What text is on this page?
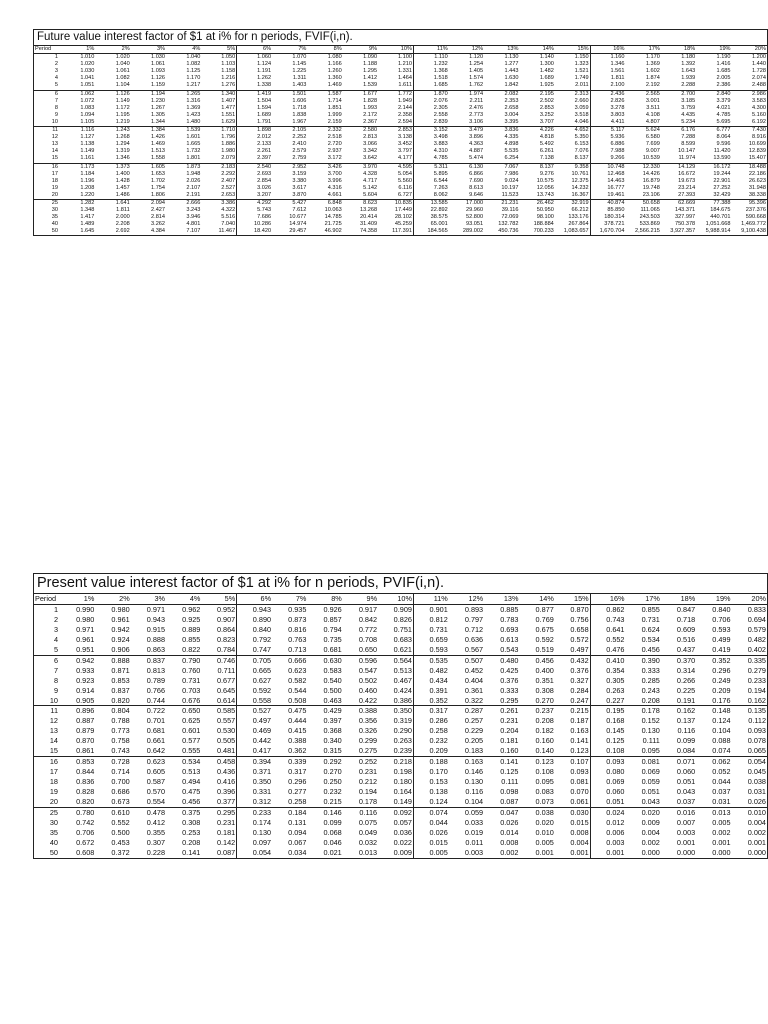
Future value interest factor of $1 at i% for n periods, FVIF(i,n).
Period	1%	2%	3%	4%	5%	6%	7%	8%	9%	10%	11%	12%	13%	14%	15%	16%	17%	18%	19%	20%
1	1.010	1.020	1.030	1.040	1.050	1.060	1.070	1.080	1.090	1.100	1.110	1.120	1.130	1.140	1.150	1.160	1.170	1.180	1.190	1.200
2	1.020	1.040	1.061	1.082	1.103	1.124	1.145	1.166	1.188	1.210	1.232	1.254	1.277	1.300	1.323	1.346	1.369	1.392	1.416	1.440
3	1.030	1.061	1.093	1.125	1.158	1.191	1.225	1.260	1.295	1.331	1.368	1.405	1.443	1.482	1.521	1.561	1.602	1.643	1.685	1.728
4	1.041	1.082	1.126	1.170	1.216	1.262	1.311	1.360	1.412	1.464	1.518	1.574	1.630	1.689	1.749	1.811	1.874	1.939	2.005	2.074
5	1.051	1.104	1.159	1.217	1.276	1.338	1.403	1.469	1.539	1.611	1.685	1.762	1.842	1.925	2.011	2.100	2.192	2.288	2.386	2.488
6	1.062	1.126	1.194	1.265	1.340	1.419	1.501	1.587	1.677	1.772	1.870	1.974	2.082	2.195	2.313	2.436	2.565	2.700	2.840	2.986
7	1.072	1.149	1.230	1.316	1.407	1.504	1.606	1.714	1.828	1.949	2.076	2.211	2.353	2.502	2.660	2.826	3.001	3.185	3.379	3.583
8	1.083	1.172	1.267	1.369	1.477	1.594	1.718	1.851	1.993	2.144	2.305	2.476	2.658	2.853	3.059	3.278	3.511	3.759	4.021	4.300
9	1.094	1.195	1.305	1.423	1.551	1.689	1.838	1.999	2.172	2.358	2.558	2.773	3.004	3.252	3.518	3.803	4.108	4.435	4.785	5.160
10	1.105	1.219	1.344	1.480	1.629	1.791	1.967	2.159	2.367	2.594	2.839	3.106	3.395	3.707	4.046	4.411	4.807	5.234	5.695	6.192
11	1.116	1.243	1.384	1.539	1.710	1.898	2.105	2.332	2.580	2.853	3.152	3.479	3.836	4.226	4.652	5.117	5.624	6.176	6.777	7.430
12	1.127	1.268	1.426	1.601	1.796	2.012	2.252	2.518	2.813	3.138	3.498	3.896	4.335	4.818	5.350	5.936	6.580	7.288	8.064	8.916
13	1.138	1.294	1.469	1.665	1.886	2.133	2.410	2.720	3.066	3.452	3.883	4.363	4.898	5.492	6.153	6.886	7.699	8.599	9.596	10.699
14	1.149	1.319	1.513	1.732	1.980	2.261	2.579	2.937	3.342	3.797	4.310	4.887	5.535	6.261	7.076	7.988	9.007	10.147	11.420	12.839
15	1.161	1.346	1.558	1.801	2.079	2.397	2.759	3.172	3.642	4.177	4.785	5.474	6.254	7.138	8.137	9.266	10.539	11.974	13.590	15.407
16	1.173	1.373	1.605	1.873	2.183	2.540	2.952	3.426	3.970	4.595	5.311	6.130	7.067	8.137	9.358	10.748	12.330	14.129	16.172	18.488
17	1.184	1.400	1.653	1.948	2.292	2.693	3.159	3.700	4.328	5.054	5.895	6.866	7.986	9.276	10.761	12.468	14.426	16.672	19.244	22.186
18	1.196	1.428	1.702	2.026	2.407	2.854	3.380	3.996	4.717	5.560	6.544	7.690	9.024	10.575	12.375	14.463	16.879	19.673	22.901	26.623
19	1.208	1.457	1.754	2.107	2.527	3.026	3.617	4.316	5.142	6.116	7.263	8.613	10.197	12.056	14.232	16.777	19.748	23.214	27.252	31.948
20	1.220	1.486	1.806	2.191	2.653	3.207	3.870	4.661	5.604	6.727	8.062	9.646	11.523	13.743	16.367	19.461	23.106	27.393	32.429	38.338
25	1.282	1.641	2.094	2.666	3.386	4.292	5.427	6.848	8.623	10.835	13.585	17.000	21.231	26.462	32.919	40.874	50.658	62.669	77.388	95.396
30	1.348	1.811	2.427	3.243	4.322	5.743	7.612	10.063	13.268	17.449	22.892	29.960	39.116	50.950	66.212	85.850	111.065	143.371	184.675	237.376
35	1.417	2.000	2.814	3.946	5.516	7.686	10.677	14.785	20.414	28.102	38.575	52.800	72.069	98.100	133.176	180.314	243.503	327.997	440.701	590.668
40	1.489	2.208	3.262	4.801	7.040	10.286	14.974	21.725	31.409	45.259	65.001	93.051	132.782	188.884	267.864	378.721	533.869	750.378	1,051.668	1,469.772
50	1.645	2.692	4.384	7.107	11.467	18.420	29.457	46.902	74.358	117.391	184.565	289.002	450.736	700.233	1,083.657	1,670.704	2,566.215	3,927.357	5,988.914	9,100.438
Present value interest factor of $1 at i% for n periods, PVIF(i,n).
Period	1%	2%	3%	4%	5%	6%	7%	8%	9%	10%	11%	12%	13%	14%	15%	16%	17%	18%	19%	20%
1	0.990	0.980	0.971	0.962	0.952	0.943	0.935	0.926	0.917	0.909	0.901	0.893	0.885	0.877	0.870	0.862	0.855	0.847	0.840	0.833
2	0.980	0.961	0.943	0.925	0.907	0.890	0.873	0.857	0.842	0.826	0.812	0.797	0.783	0.769	0.756	0.743	0.731	0.718	0.706	0.694
3	0.971	0.942	0.915	0.889	0.864	0.840	0.816	0.794	0.772	0.751	0.731	0.712	0.693	0.675	0.658	0.641	0.624	0.609	0.593	0.579
4	0.961	0.924	0.888	0.855	0.823	0.792	0.763	0.735	0.708	0.683	0.659	0.636	0.613	0.592	0.572	0.552	0.534	0.516	0.499	0.482
5	0.951	0.906	0.863	0.822	0.784	0.747	0.713	0.681	0.650	0.621	0.593	0.567	0.543	0.519	0.497	0.476	0.456	0.437	0.419	0.402
6	0.942	0.888	0.837	0.790	0.746	0.705	0.666	0.630	0.596	0.564	0.535	0.507	0.480	0.456	0.432	0.410	0.390	0.370	0.352	0.335
7	0.933	0.871	0.813	0.760	0.711	0.665	0.623	0.583	0.547	0.513	0.482	0.452	0.425	0.400	0.376	0.354	0.333	0.314	0.296	0.279
8	0.923	0.853	0.789	0.731	0.677	0.627	0.582	0.540	0.502	0.467	0.434	0.404	0.376	0.351	0.327	0.305	0.285	0.266	0.249	0.233
9	0.914	0.837	0.766	0.703	0.645	0.592	0.544	0.500	0.460	0.424	0.391	0.361	0.333	0.308	0.284	0.263	0.243	0.225	0.209	0.194
10	0.905	0.820	0.744	0.676	0.614	0.558	0.508	0.463	0.422	0.386	0.352	0.322	0.295	0.270	0.247	0.227	0.208	0.191	0.176	0.162
11	0.896	0.804	0.722	0.650	0.585	0.527	0.475	0.429	0.388	0.350	0.317	0.287	0.261	0.237	0.215	0.195	0.178	0.162	0.148	0.135
12	0.887	0.788	0.701	0.625	0.557	0.497	0.444	0.397	0.356	0.319	0.286	0.257	0.231	0.208	0.187	0.168	0.152	0.137	0.124	0.112
13	0.879	0.773	0.681	0.601	0.530	0.469	0.415	0.368	0.326	0.290	0.258	0.229	0.204	0.182	0.163	0.145	0.130	0.116	0.104	0.093
14	0.870	0.758	0.661	0.577	0.505	0.442	0.388	0.340	0.299	0.263	0.232	0.205	0.181	0.160	0.141	0.125	0.111	0.099	0.088	0.078
15	0.861	0.743	0.642	0.555	0.481	0.417	0.362	0.315	0.275	0.239	0.209	0.183	0.160	0.140	0.123	0.108	0.095	0.084	0.074	0.065
16	0.853	0.728	0.623	0.534	0.458	0.394	0.339	0.292	0.252	0.218	0.188	0.163	0.141	0.123	0.107	0.093	0.081	0.071	0.062	0.054
17	0.844	0.714	0.605	0.513	0.436	0.371	0.317	0.270	0.231	0.198	0.170	0.146	0.125	0.108	0.093	0.080	0.069	0.060	0.052	0.045
18	0.836	0.700	0.587	0.494	0.416	0.350	0.296	0.250	0.212	0.180	0.153	0.130	0.111	0.095	0.081	0.069	0.059	0.051	0.044	0.038
19	0.828	0.686	0.570	0.475	0.396	0.331	0.277	0.232	0.194	0.164	0.138	0.116	0.098	0.083	0.070	0.060	0.051	0.043	0.037	0.031
20	0.820	0.673	0.554	0.456	0.377	0.312	0.258	0.215	0.178	0.149	0.124	0.104	0.087	0.073	0.061	0.051	0.043	0.037	0.031	0.026
25	0.780	0.610	0.478	0.375	0.295	0.233	0.184	0.146	0.116	0.092	0.074	0.059	0.047	0.038	0.030	0.024	0.020	0.016	0.013	0.010
30	0.742	0.552	0.412	0.308	0.231	0.174	0.131	0.099	0.075	0.057	0.044	0.033	0.026	0.020	0.015	0.012	0.009	0.007	0.005	0.004
35	0.706	0.500	0.355	0.253	0.181	0.130	0.094	0.068	0.049	0.036	0.026	0.019	0.014	0.010	0.008	0.006	0.004	0.003	0.002	0.002
40	0.672	0.453	0.307	0.208	0.142	0.097	0.067	0.046	0.032	0.022	0.015	0.011	0.008	0.005	0.004	0.003	0.002	0.001	0.001	0.001
50	0.608	0.372	0.228	0.141	0.087	0.054	0.034	0.021	0.013	0.009	0.005	0.003	0.002	0.001	0.001	0.001	0.000	0.000	0.000	0.000
